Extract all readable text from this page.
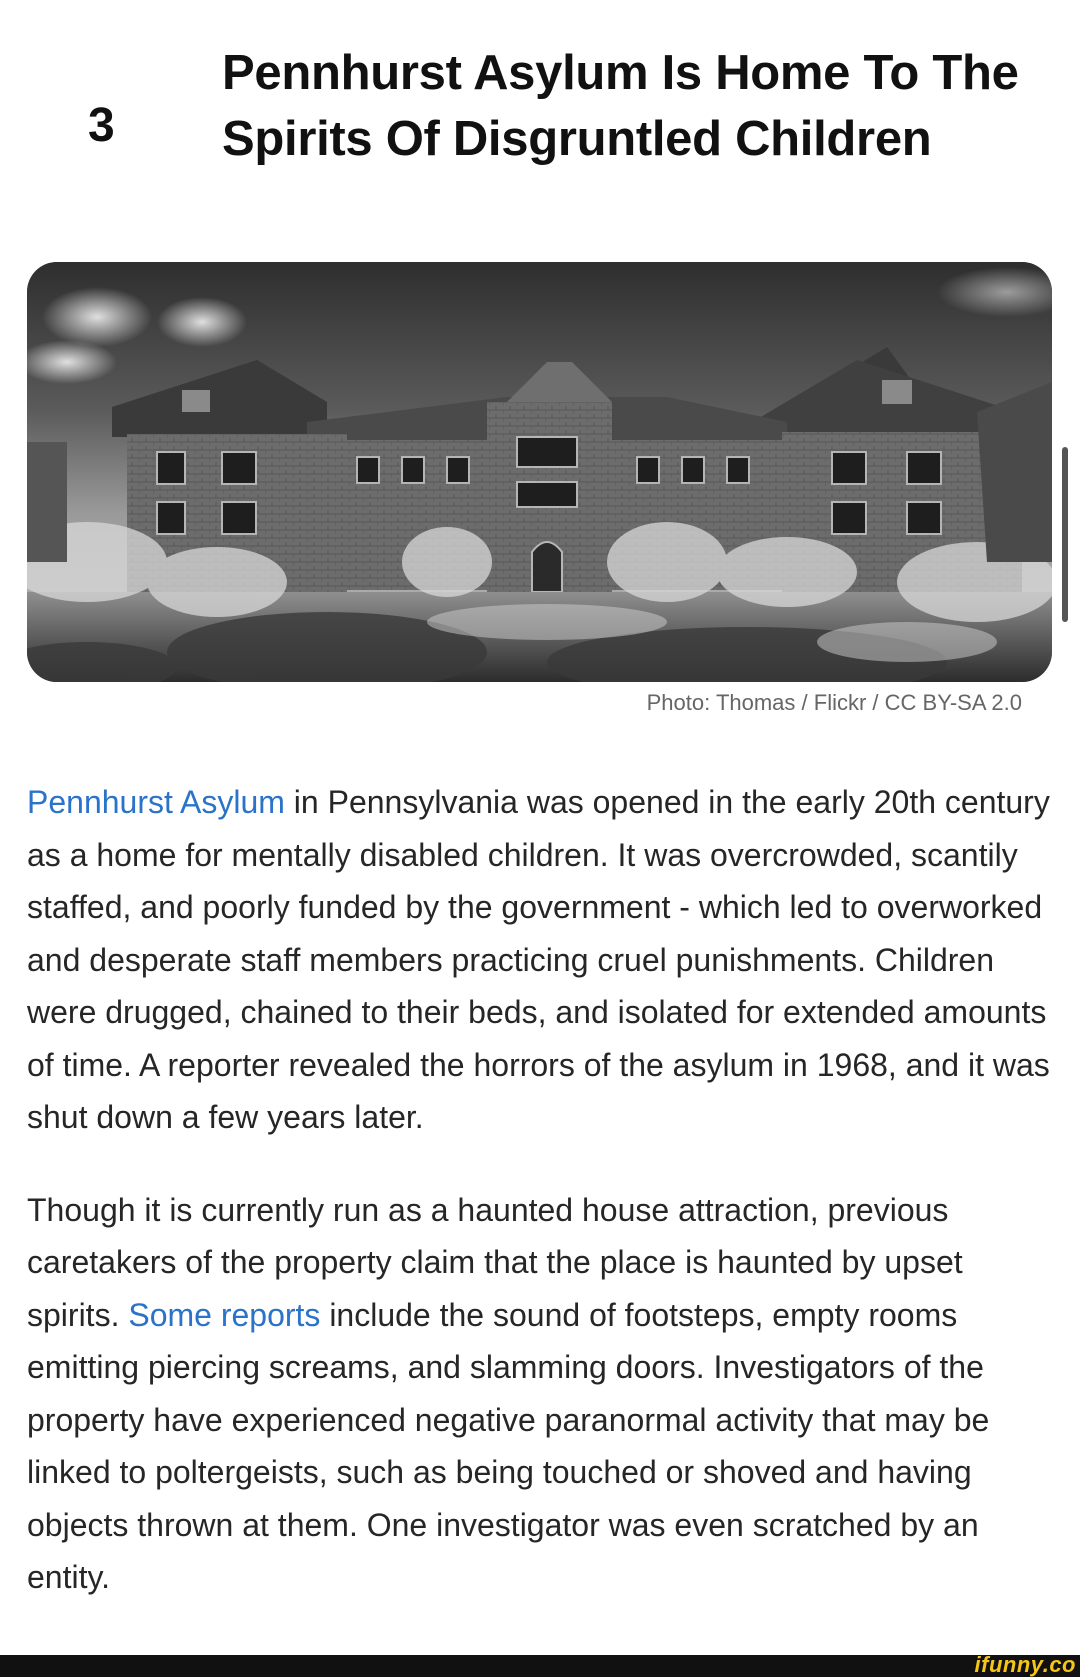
3
Pennhurst Asylum Is Home To The Spirits Of Disgruntled Children
Photo: Thomas / Flickr / CC BY-SA 2.0

Pennhurst Asylum in Pennsylvania was opened in the early 20th century as a home for mentally disabled children. It was overcrowded, scantily staffed, and poorly funded by the government - which led to overworked and desperate staff members practicing cruel punishments. Children were drugged, chained to their beds, and isolated for extended amounts of time. A reporter revealed the horrors of the asylum in 1968, and it was shut down a few years later.

Though it is currently run as a haunted house attraction, previous caretakers of the property claim that the place is haunted by upset spirits. Some reports include the sound of footsteps, empty rooms emitting piercing screams, and slamming doors. Investigators of the property have experienced negative paranormal activity that may be linked to poltergeists, such as being touched or shoved and having objects thrown at them. One investigator was even scratched by an entity.

ifunny.co
